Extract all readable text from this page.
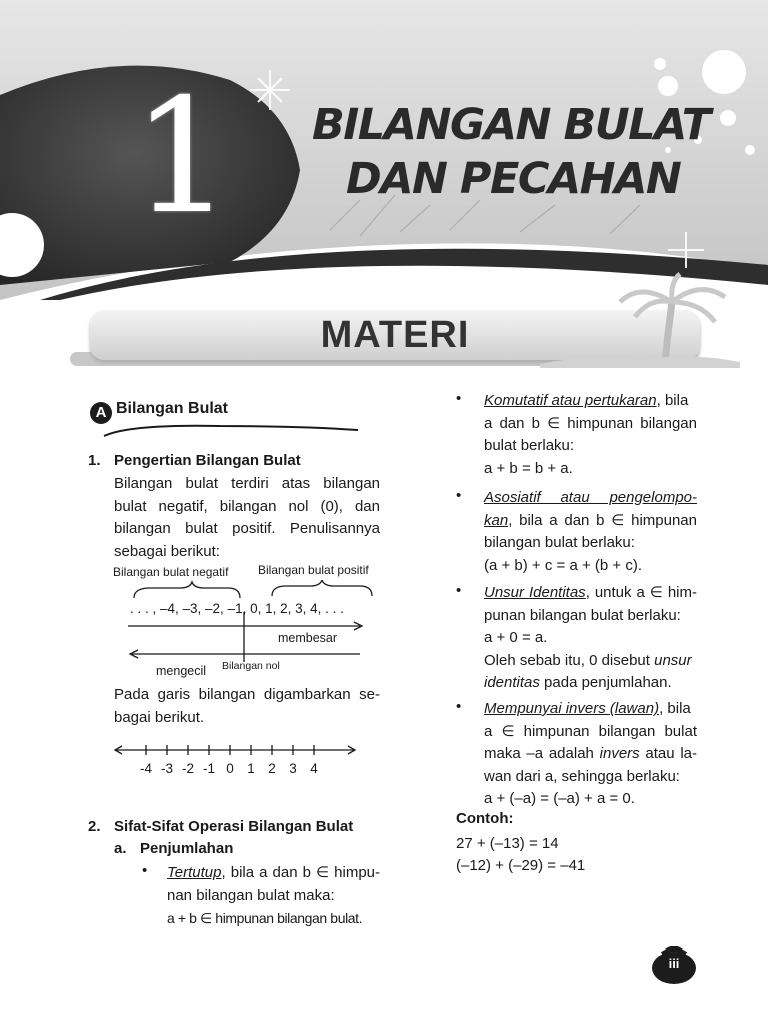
1 BILANGAN BULAT
DAN PECAHAN
MATERI
A Bilangan Bulat
1. Pengertian Bilangan Bulat
Bilangan bulat terdiri atas bilangan
bulat negatif, bilangan nol (0), dan
bilangan bulat positif. Penulisannya
sebagai berikut:
Bilangan bulat negatif Bilangan bulat positif
. . . , –4, –3, –2, –1, 0, 1, 2, 3, 4, . . .
membesar
mengecil Bilangan nol
Pada garis bilangan digambarkan se-
bagai berikut.
-4 -3 -2 -1 0 1 2 3 4
2. Sifat-Sifat Operasi Bilangan Bulat
a. Penjumlahan
• Tertutup, bila a dan b ∈ himpu-
nan bilangan bulat maka:
a + b ∈ himpunan bilangan bulat.
• Komutatif atau pertukaran, bila
a dan b ∈ himpunan bilangan
bulat berlaku:
a + b = b + a.
• Asosiatif atau pengelompo-
kan, bila a dan b ∈ himpunan
bilangan bulat berlaku:
(a + b) + c = a + (b + c).
• Unsur Identitas, untuk a ∈ him-
punan bilangan bulat berlaku:
a + 0 = a.
Oleh sebab itu, 0 disebut unsur
identitas pada penjumlahan.
• Mempunyai invers (lawan), bila
a ∈ himpunan bilangan bulat
maka –a adalah invers atau la-
wan dari a, sehingga berlaku:
a + (–a) = (–a) + a = 0.
Contoh:
27 + (–13) = 14
(–12) + (–29) = –41
iii
